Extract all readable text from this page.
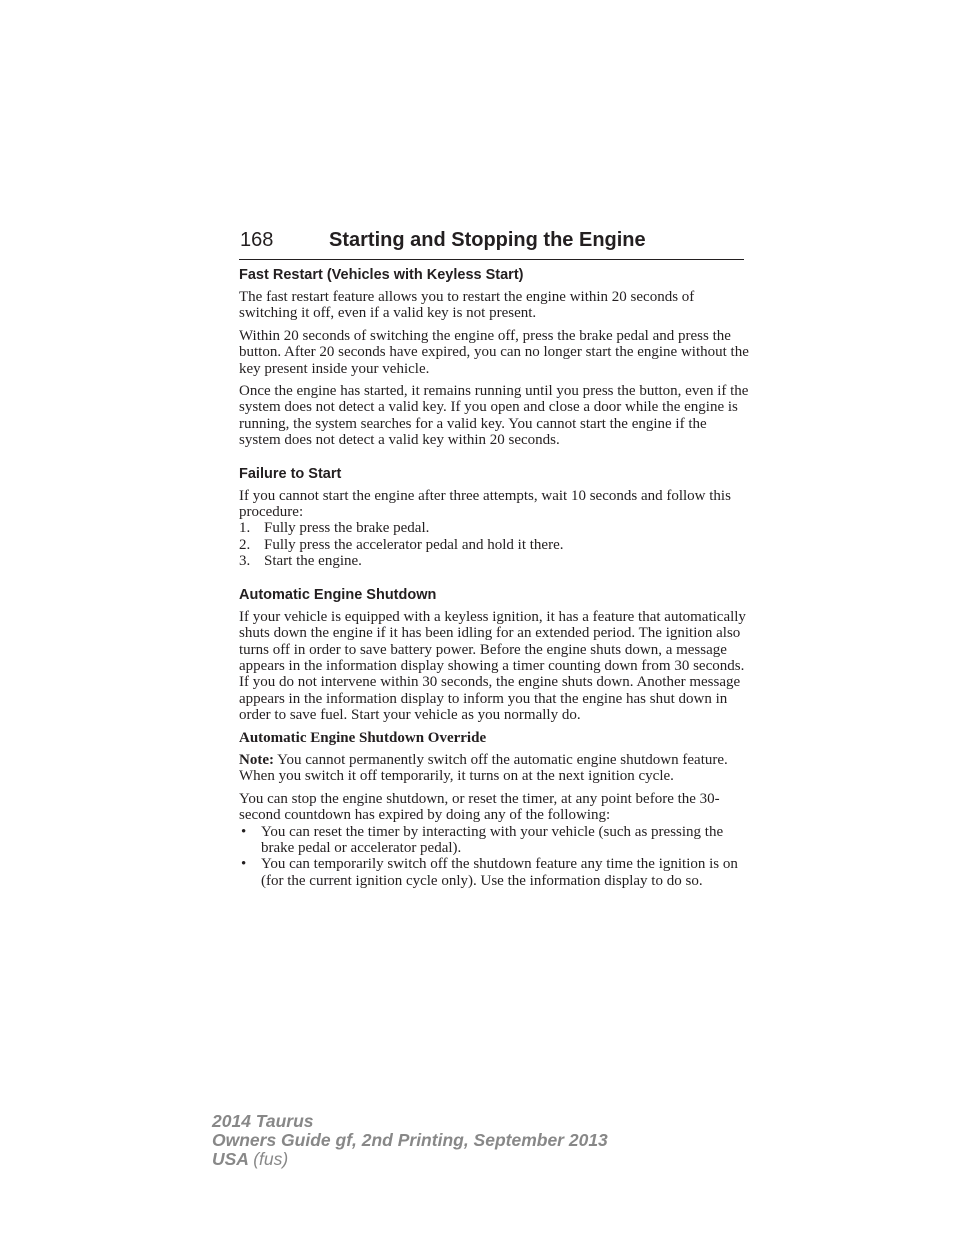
168	Starting and Stopping the Engine
Fast Restart (Vehicles with Keyless Start)

The fast restart feature allows you to restart the engine within 20 seconds of switching it off, even if a valid key is not present.

Within 20 seconds of switching the engine off, press the brake pedal and press the button. After 20 seconds have expired, you can no longer start the engine without the key present inside your vehicle.

Once the engine has started, it remains running until you press the button, even if the system does not detect a valid key. If you open and close a door while the engine is running, the system searches for a valid key. You cannot start the engine if the system does not detect a valid key within 20 seconds.

Failure to Start

If you cannot start the engine after three attempts, wait 10 seconds and follow this procedure:

1. Fully press the brake pedal.
2. Fully press the accelerator pedal and hold it there.
3. Start the engine.
Automatic Engine Shutdown

If your vehicle is equipped with a keyless ignition, it has a feature that automatically shuts down the engine if it has been idling for an extended period. The ignition also turns off in order to save battery power. Before the engine shuts down, a message appears in the information display showing a timer counting down from 30 seconds. If you do not intervene within 30 seconds, the engine shuts down. Another message appears in the information display to inform you that the engine has shut down in order to save fuel. Start your vehicle as you normally do.

Automatic Engine Shutdown Override

Note: You cannot permanently switch off the automatic engine shutdown feature. When you switch it off temporarily, it turns on at the next ignition cycle.

You can stop the engine shutdown, or reset the timer, at any point before the 30-second countdown has expired by doing any of the following:

• You can reset the timer by interacting with your vehicle (such as pressing the brake pedal or accelerator pedal).
• You can temporarily switch off the shutdown feature any time the ignition is on (for the current ignition cycle only). Use the information display to do so.
2014 Taurus
Owners Guide gf, 2nd Printing, September 2013
USA (fus)
